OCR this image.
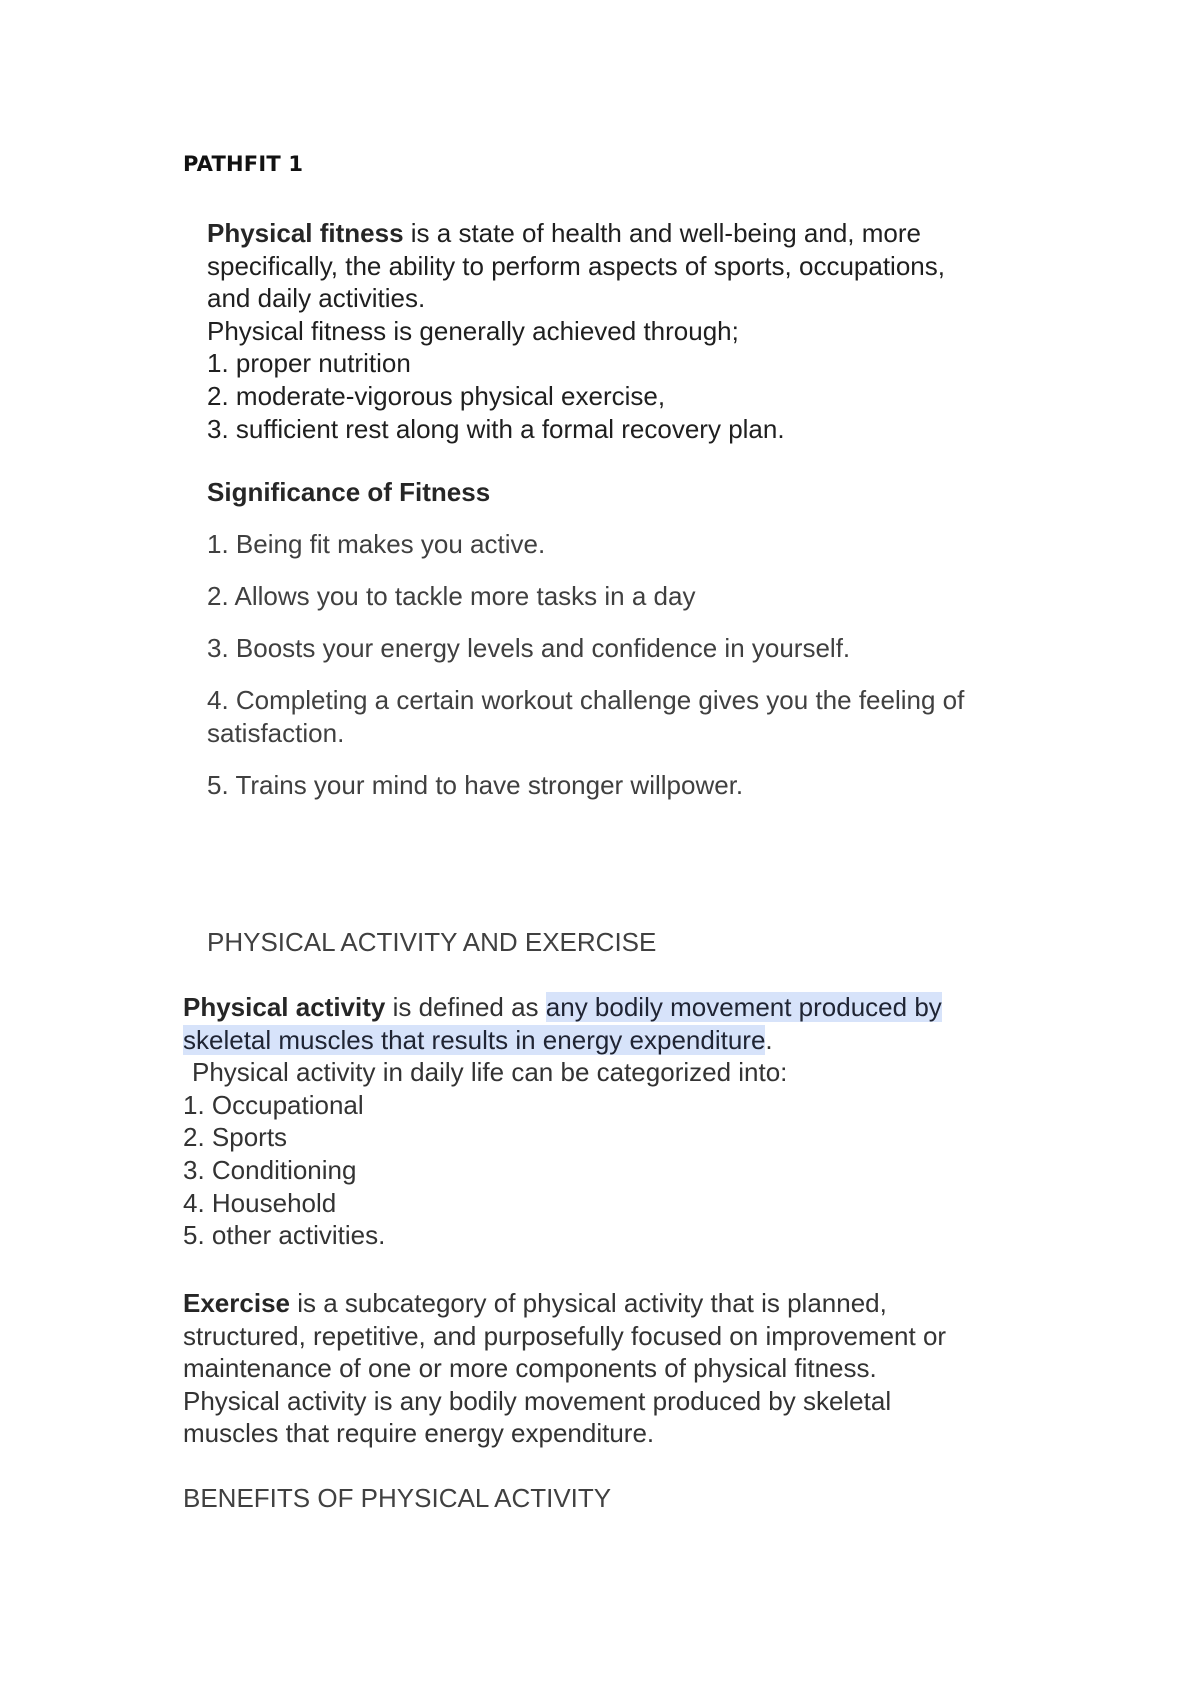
PATHFIT 1

Physical fitness is a state of health and well-being and, more

specifically, the ability to perform aspects of sports, occupations,

and daily activities.

Physical fitness is generally achieved through;

1. proper nutrition

2. moderate-vigorous physical exercise,

3. sufficient rest along with a formal recovery plan.

Significance of Fitness

1. Being fit makes you active.

2. Allows you to tackle more tasks in a day

3. Boosts your energy levels and confidence in yourself.

4. Completing a certain workout challenge gives you the feeling of satisfaction.

5. Trains your mind to have stronger willpower.

PHYSICAL ACTIVITY AND EXERCISE

Physical activity is defined as any bodily movement produced by

skeletal muscles that results in energy expenditure.

Physical activity in daily life can be categorized into:

1. Occupational

2. Sports

3. Conditioning

4. Household

5. other activities.

Exercise is a subcategory of physical activity that is planned,

structured, repetitive, and purposefully focused on improvement or

maintenance of one or more components of physical fitness.

Physical activity is any bodily movement produced by skeletal

muscles that require energy expenditure.

BENEFITS OF PHYSICAL ACTIVITY
